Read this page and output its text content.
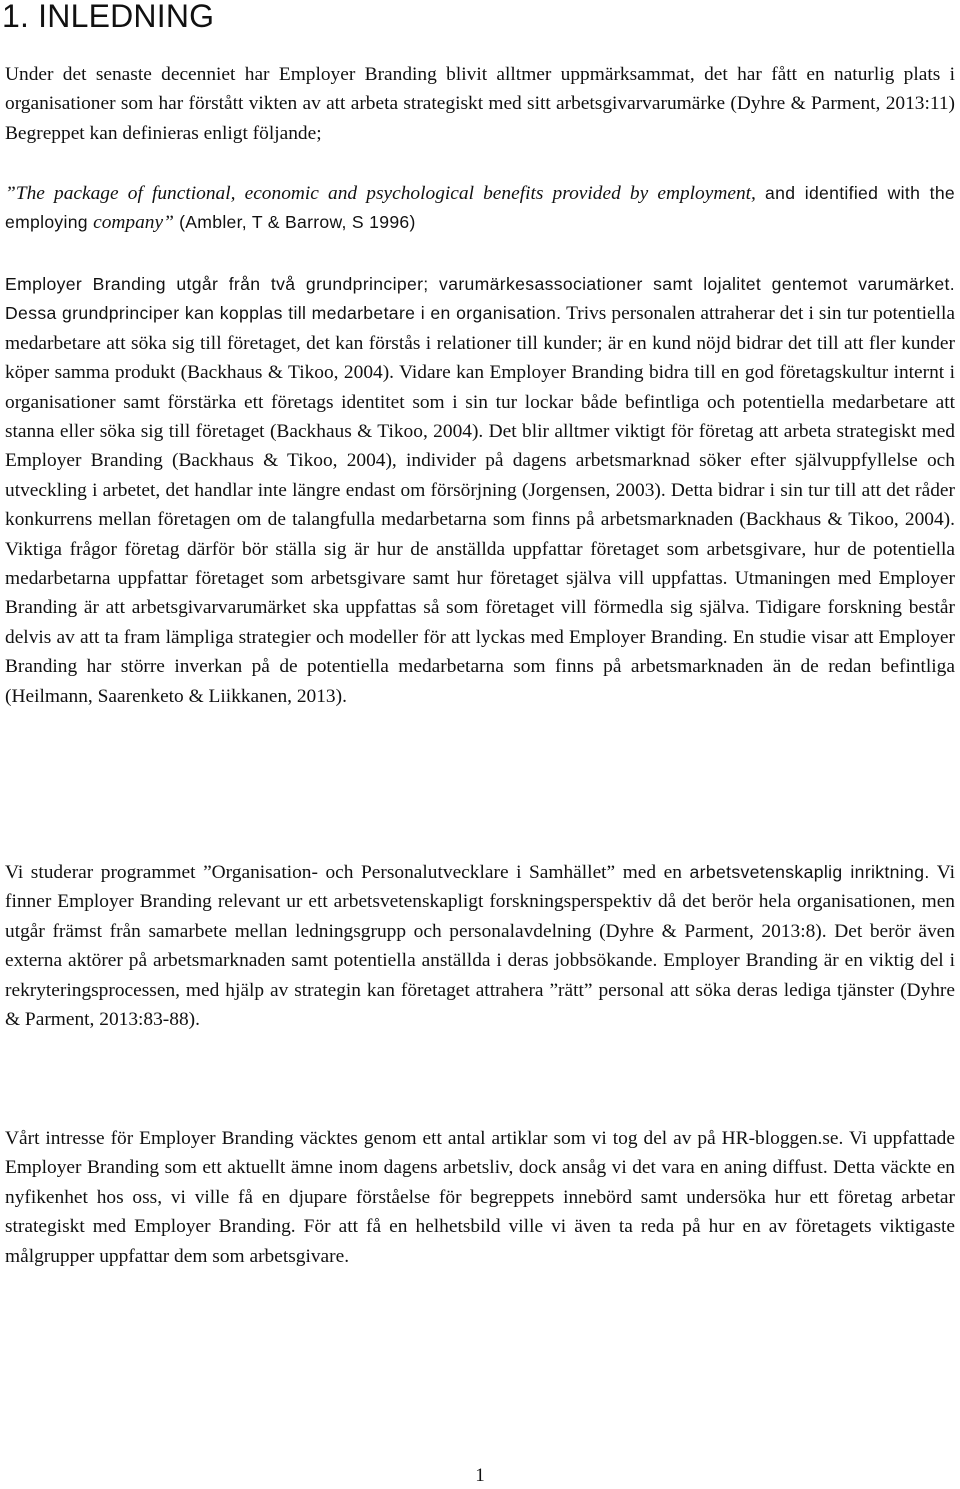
1. INLEDNING

Under det senaste decenniet har Employer Branding blivit alltmer uppmärksammat, det har fått en naturlig plats i organisationer som har förstått vikten av att arbeta strategiskt med sitt arbetsgivarvarumärke (Dyhre & Parment, 2013:11) Begreppet kan definieras enligt följande;

”The package of functional, economic and psychological benefits provided by employment, and identified with the employing company” (Ambler, T & Barrow, S 1996)

Employer Branding utgår från två grundprinciper; varumärkesassociationer samt lojalitet gentemot varumärket. Dessa grundprinciper kan kopplas till medarbetare i en organisation. Trivs personalen attraherar det i sin tur potentiella medarbetare att söka sig till företaget, det kan förstås i relationer till kunder; är en kund nöjd bidrar det till att fler kunder köper samma produkt (Backhaus & Tikoo, 2004). Vidare kan Employer Branding bidra till en god företagskultur internt i organisationer samt förstärka ett företags identitet som i sin tur lockar både befintliga och potentiella medarbetare att stanna eller söka sig till företaget (Backhaus & Tikoo, 2004). Det blir alltmer viktigt för företag att arbeta strategiskt med Employer Branding (Backhaus & Tikoo, 2004), individer på dagens arbetsmarknad söker efter självuppfyllelse och utveckling i arbetet, det handlar inte längre endast om försörjning (Jorgensen, 2003). Detta bidrar i sin tur till att det råder konkurrens mellan företagen om de talangfulla medarbetarna som finns på arbetsmarknaden (Backhaus & Tikoo, 2004). Viktiga frågor företag därför bör ställa sig är hur de anställda uppfattar företaget som arbetsgivare, hur de potentiella medarbetarna uppfattar företaget som arbetsgivare samt hur företaget själva vill uppfattas. Utmaningen med Employer Branding är att arbetsgivarvarumärket ska uppfattas så som företaget vill förmedla sig själva. Tidigare forskning består delvis av att ta fram lämpliga strategier och modeller för att lyckas med Employer Branding. En studie visar att Employer Branding har större inverkan på de potentiella medarbetarna som finns på arbetsmarknaden än de redan befintliga (Heilmann, Saarenketo & Liikkanen, 2013).

Vi studerar programmet ”Organisation- och Personalutvecklare i Samhället” med en arbetsvetenskaplig inriktning. Vi finner Employer Branding relevant ur ett arbetsvetenskapligt forskningsperspektiv då det berör hela organisationen, men utgår främst från samarbete mellan ledningsgrupp och personalavdelning (Dyhre & Parment, 2013:8). Det berör även externa aktörer på arbetsmarknaden samt potentiella anställda i deras jobbsökande. Employer Branding är en viktig del i rekryteringsprocessen, med hjälp av strategin kan företaget attrahera ”rätt” personal att söka deras lediga tjänster (Dyhre & Parment, 2013:83-88).

Vårt intresse för Employer Branding väcktes genom ett antal artiklar som vi tog del av på HR-bloggen.se. Vi uppfattade Employer Branding som ett aktuellt ämne inom dagens arbetsliv, dock ansåg vi det vara en aning diffust. Detta väckte en nyfikenhet hos oss, vi ville få en djupare förståelse för begreppets innebörd samt undersöka hur ett företag arbetar strategiskt med Employer Branding. För att få en helhetsbild ville vi även ta reda på hur en av företagets viktigaste målgrupper uppfattar dem som arbetsgivare.

1
